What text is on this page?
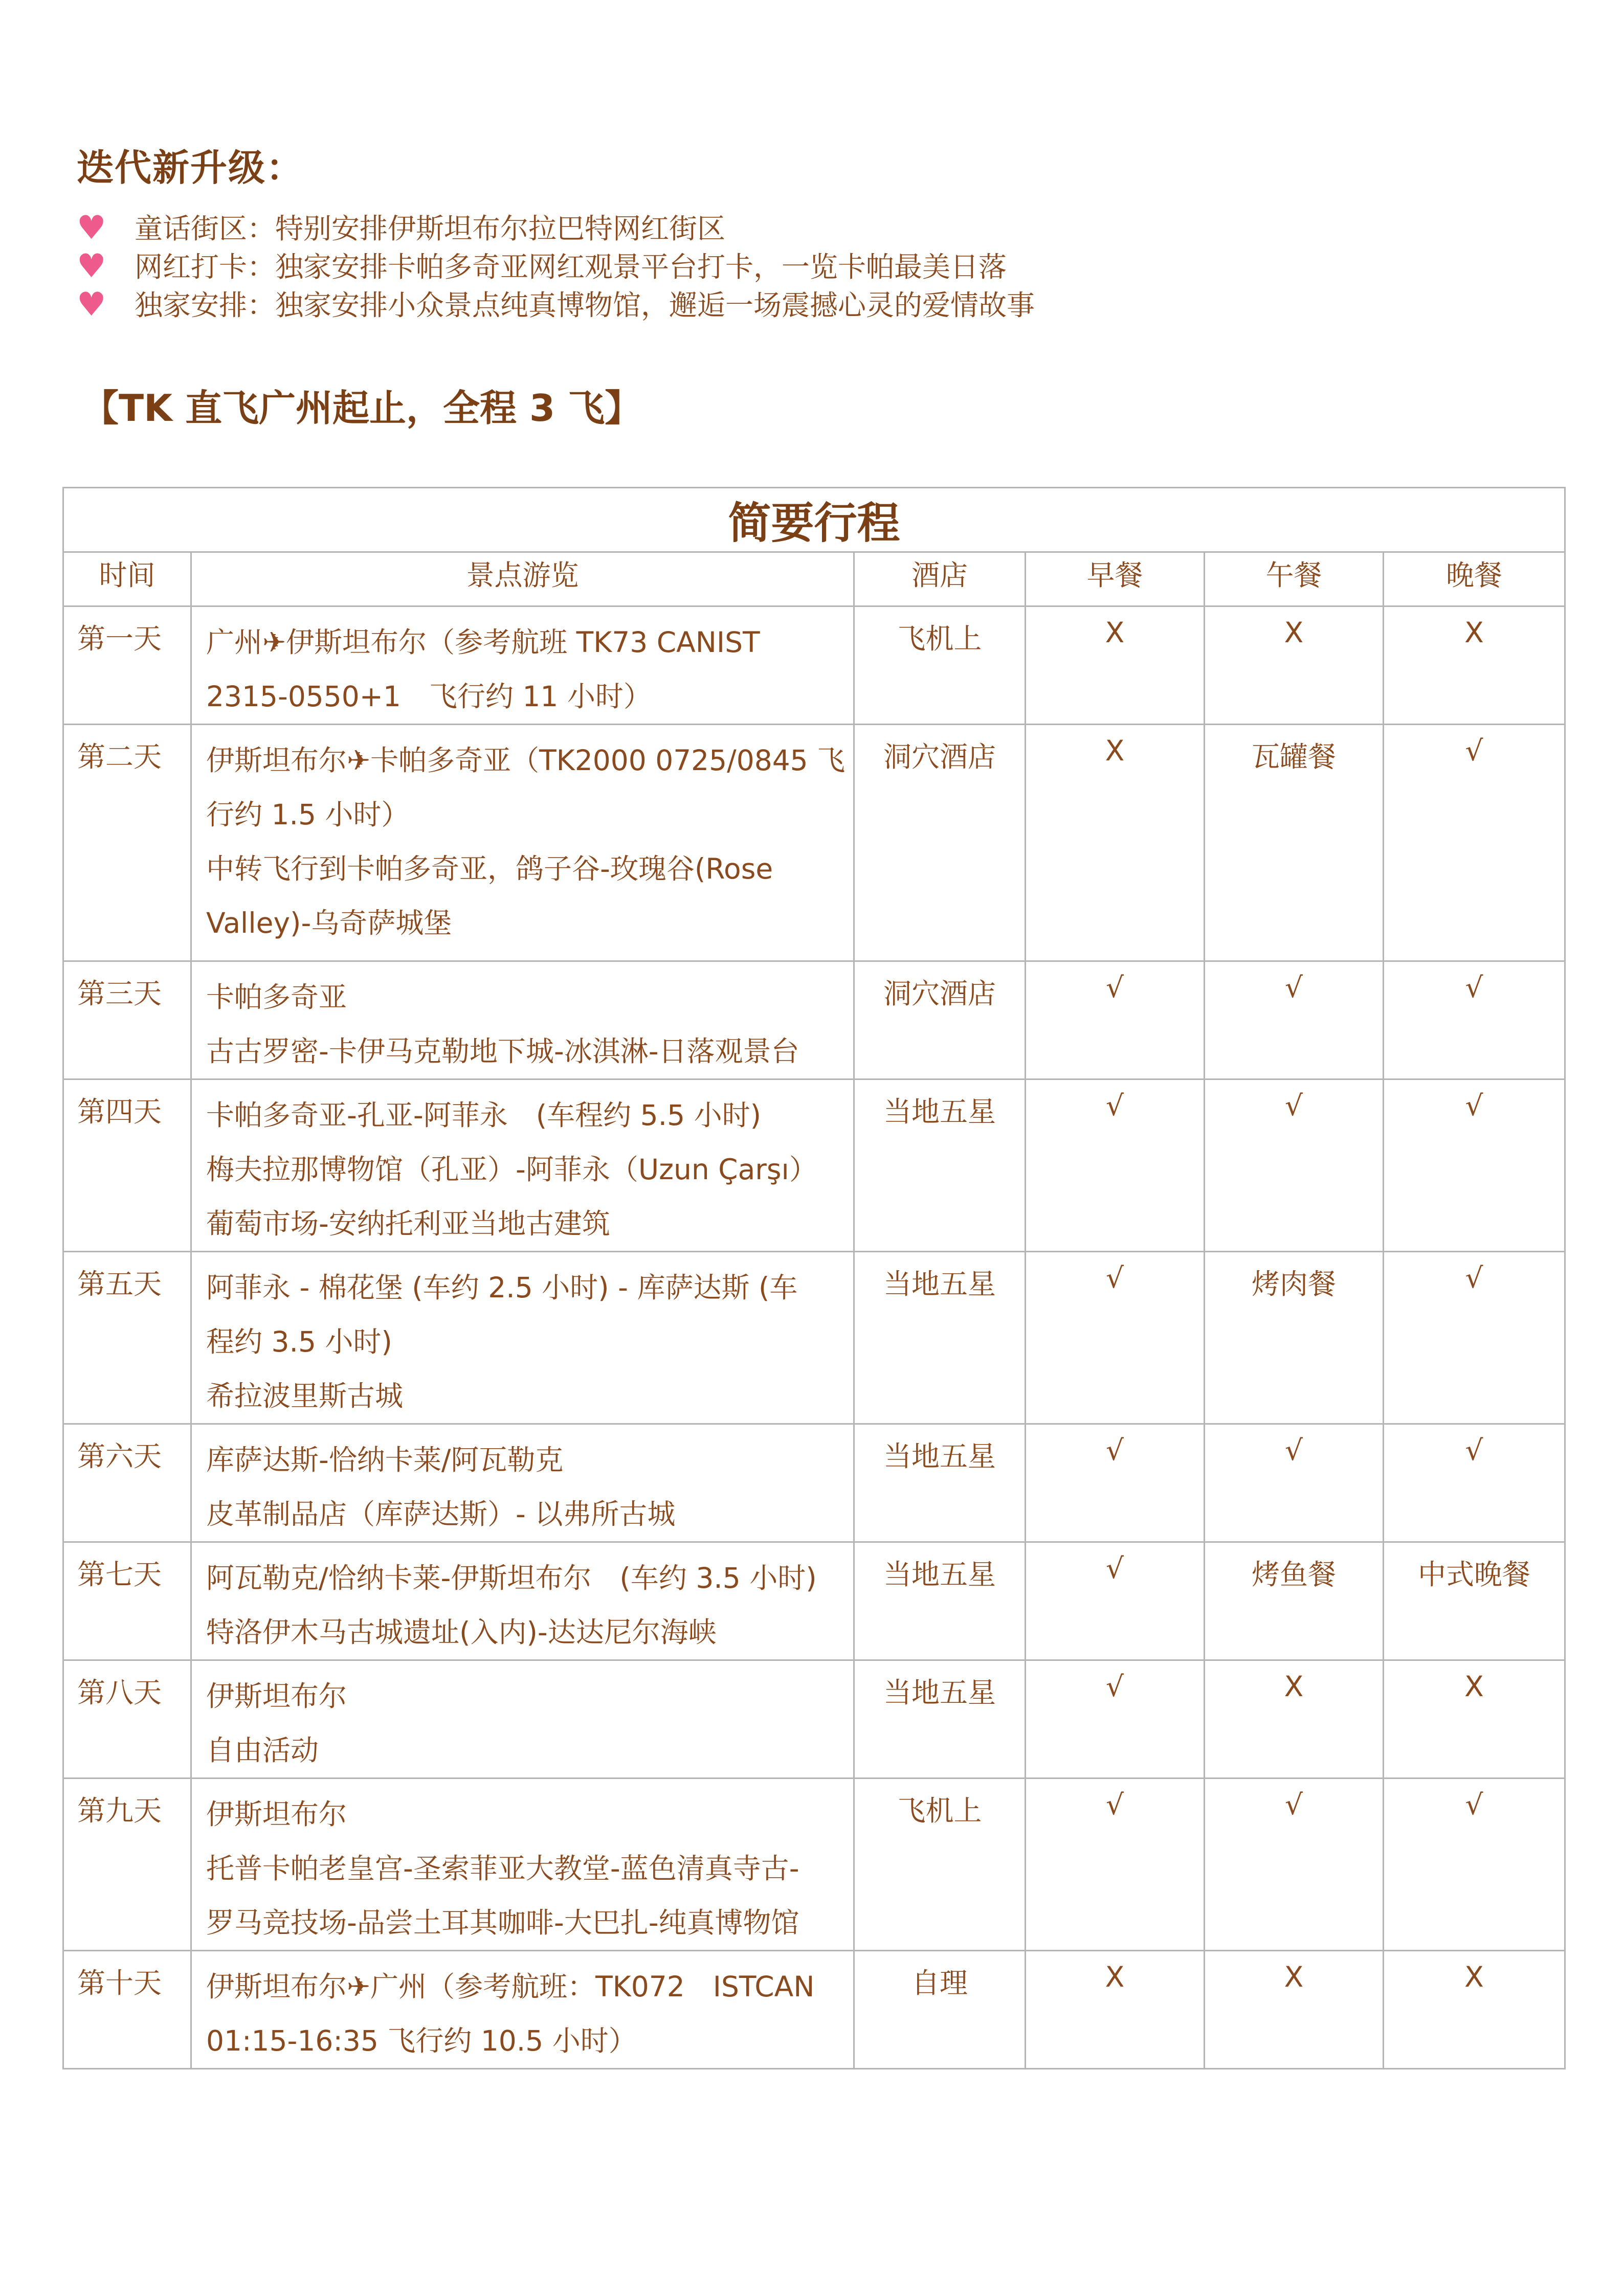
迭代新升级：
♥ 童话街区：特别安排伊斯坦布尔拉巴特网红街区
♥ 网红打卡：独家安排卡帕多奇亚网红观景平台打卡，一览卡帕最美日落
♥ 独家安排：独家安排小众景点纯真博物馆，邂逅一场震撼心灵的爱情故事
【TK 直飞广州起止，全程 3 飞】
简要行程					
时间	景点游览	酒店	早餐	午餐	晚餐
第一天	广州✈伊斯坦布尔（参考航班 TK73 CANIST
2315-0550+1　飞行约 11 小时）	飞机上	X	X	X
第二天	伊斯坦布尔✈卡帕多奇亚（TK2000 0725/0845 飞
行约 1.5 小时）
中转飞行到卡帕多奇亚，鸽子谷-玫瑰谷(Rose
Valley)-乌奇萨城堡	洞穴酒店	X	瓦罐餐	√
第三天	卡帕多奇亚
古古罗密-卡伊马克勒地下城-冰淇淋-日落观景台	洞穴酒店	√	√	√
第四天	卡帕多奇亚-孔亚-阿菲永　(车程约 5.5 小时)
梅夫拉那博物馆（孔亚）-阿菲永（Uzun Çarşı）
葡萄市场-安纳托利亚当地古建筑	当地五星	√	√	√
第五天	阿菲永 - 棉花堡 (车约 2.5 小时) - 库萨达斯 (车
程约 3.5 小时)
希拉波里斯古城	当地五星	√	烤肉餐	√
第六天	库萨达斯-恰纳卡莱/阿瓦勒克
皮革制品店（库萨达斯）- 以弗所古城	当地五星	√	√	√
第七天	阿瓦勒克/恰纳卡莱-伊斯坦布尔　(车约 3.5 小时)
特洛伊木马古城遗址(入内)-达达尼尔海峡	当地五星	√	烤鱼餐	中式晚餐
第八天	伊斯坦布尔
自由活动	当地五星	√	X	X
第九天	伊斯坦布尔
托普卡帕老皇宫-圣索菲亚大教堂-蓝色清真寺古-
罗马竞技场-品尝土耳其咖啡-大巴扎-纯真博物馆	飞机上	√	√	√
第十天	伊斯坦布尔✈广州（参考航班：TK072　ISTCAN
01:15-16:35 飞行约 10.5 小时）	自理	X	X	X
